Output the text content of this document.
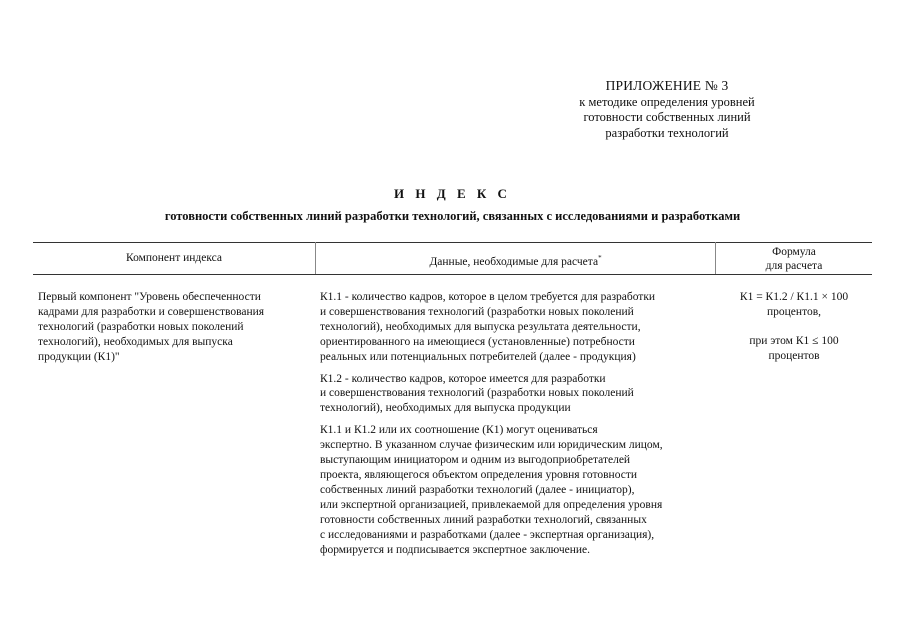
ПРИЛОЖЕНИЕ № 3
к методике определения уровней
готовности собственных линий
разработки технологий
И Н Д Е К С
готовности собственных линий разработки технологий, связанных с исследованиями и разработками
Компонент индекса	Данные, необходимые для расчета*	Формула
для расчета
Первый компонент "Уровень обеспеченности
кадрами для разработки и совершенствования
технологий (разработки новых поколений
технологий), необходимых для выпуска
продукции (К1)"

К1.1 - количество кадров, которое в целом требуется для разработки
и совершенствования технологий (разработки новых поколений
технологий), необходимых для выпуска результата деятельности,
ориентированного на имеющиеся (установленные) потребности
реальных или потенциальных потребителей (далее - продукция)

К1.2 - количество кадров, которое имеется для разработки
и совершенствования технологий (разработки новых поколений
технологий), необходимых для выпуска продукции

К1.1 и К1.2 или их соотношение (К1) могут оцениваться
экспертно. В указанном случае физическим или юридическим лицом,
выступающим инициатором и одним из выгодоприобретателей
проекта, являющегося объектом определения уровня готовности
собственных линий разработки технологий (далее - инициатор),
или экспертной организацией, привлекаемой для определения уровня
готовности собственных линий разработки технологий, связанных
с исследованиями и разработками (далее - экспертная организация),
формируется и подписывается экспертное заключение.

К1 = К1.2 / К1.1 × 100
процентов,
при этом К1 ≤ 100
процентов
